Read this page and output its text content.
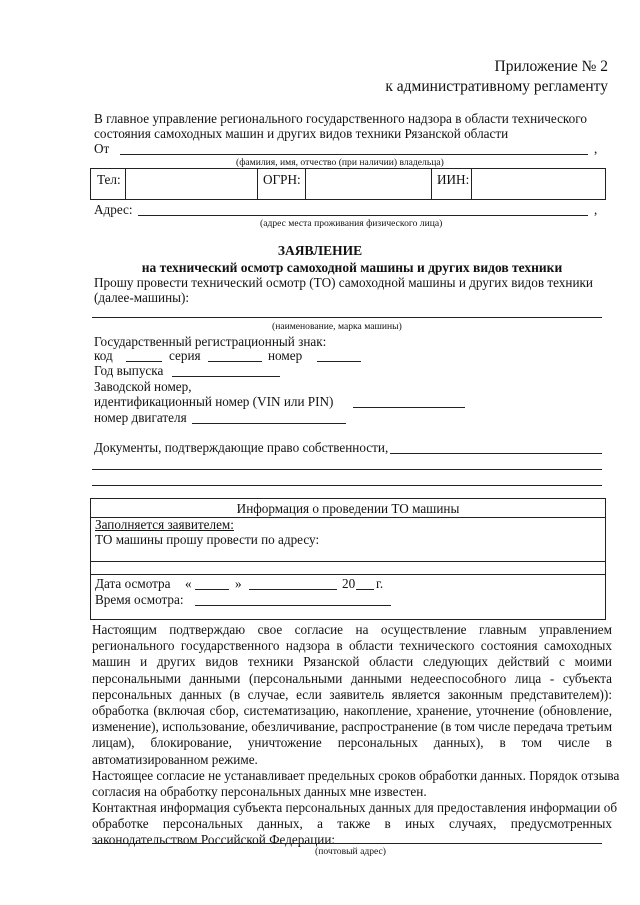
Приложение № 2
к административному регламенту
В главное управление регионального государственного надзора в области технического
состояния самоходных машин и других видов техники Рязанской области
От	,
(фамилия, имя, отчество (при наличии) владельца)
Тел:	ОГРН:	ИИН:
Адрес:	,
(адрес места проживания физического лица)
ЗАЯВЛЕНИЕ
на технический осмотр самоходной машины и других видов техники
Прошу провести технический осмотр (ТО) самоходной машины и других видов техники
(далее-машины):
(наименование, марка машины)
Государственный регистрационный знак:
код	серия	номер
Год выпуска
Заводской номер,
идентификационный номер (VIN или PIN)
номер двигателя
Документы, подтверждающие право собственности,
Информация о проведении ТО машины
Заполняется заявителем:
ТО машины прошу провести по адресу:
Дата осмотра «	»	20 г.
Время осмотра:
Настоящим подтверждаю свое согласие на осуществление главным управлением
регионального государственного надзора в области технического состояния самоходных
машин и других видов техники Рязанской области следующих действий с моими
персональными данными (персональными данными недееспособного лица - субъекта
персональных данных (в случае, если заявитель является законным представителем)):
обработка (включая сбор, систематизацию, накопление, хранение, уточнение (обновление,
изменение), использование, обезличивание, распространение (в том числе передача третьим
лицам), блокирование, уничтожение персональных данных), в том числе в
автоматизированном режиме.
Настоящее согласие не устанавливает предельных сроков обработки данных. Порядок отзыва
согласия на обработку персональных данных мне известен.
Контактная информация субъекта персональных данных для предоставления информации об
обработке персональных данных, а также в иных случаях, предусмотренных
законодательством Российской Федерации:
(почтовый адрес)
